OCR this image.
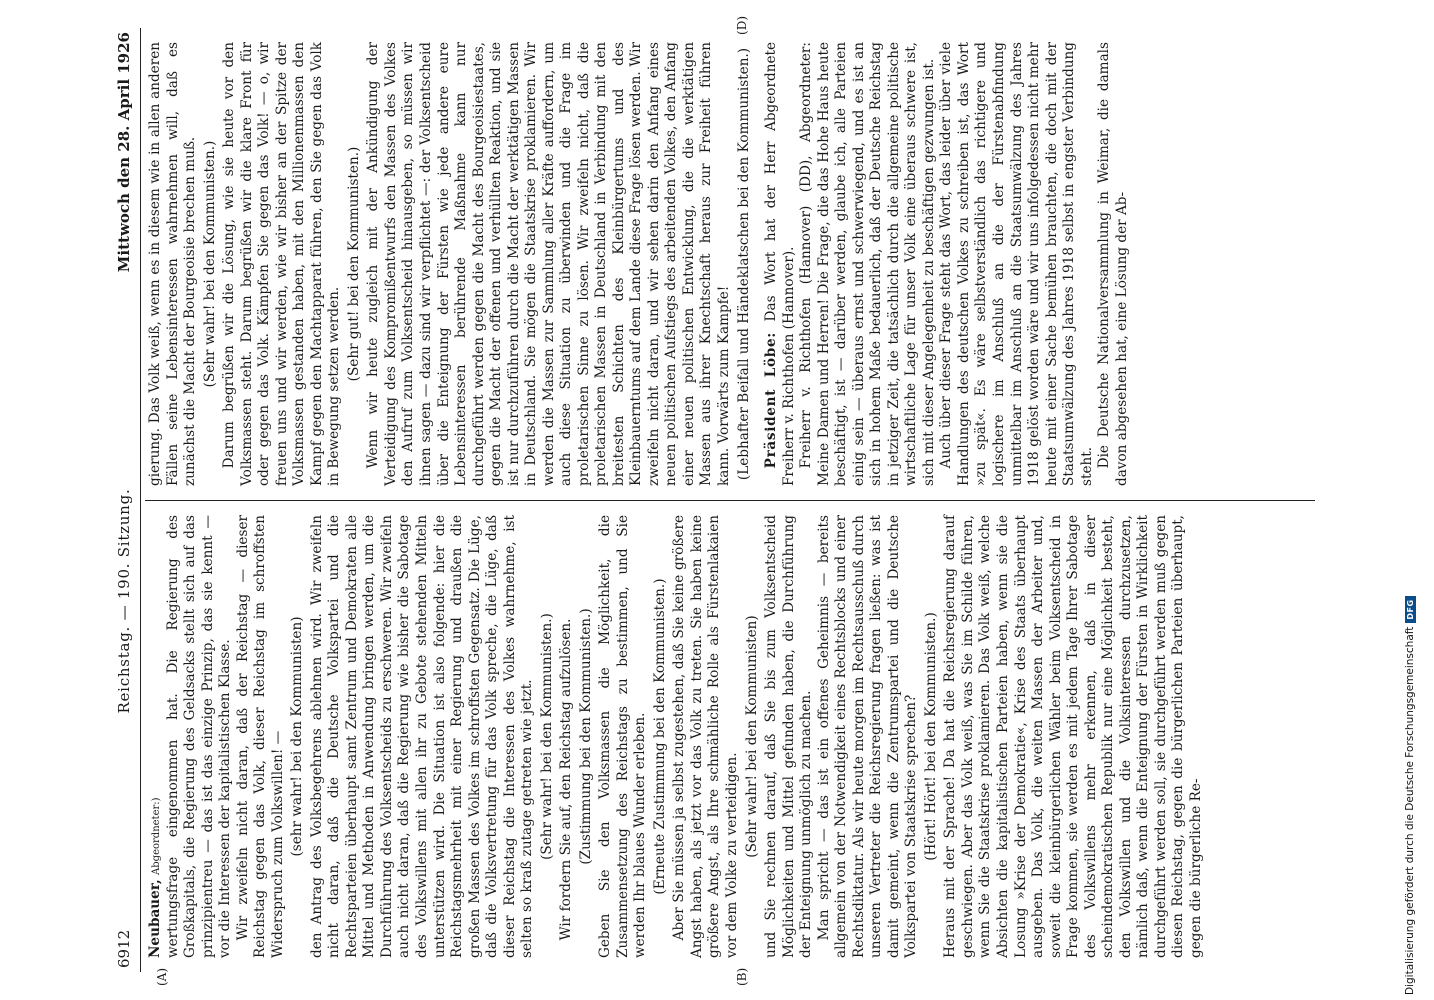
6912
Reichstag. — 190. Sitzung.
Mittwoch den 28. April 1926
(A)	(B)

Neubauer, Abgeordneter:) wertungsfrage eingenommen hat. Die Regierung des Großkapitals, die Regierung des Geldsacks stellt sich auf das prinzipientreu — das ist das einzige Prinzip, das sie kennt — vor die Interessen der kapitalistischen Klasse. Wir zweifeln nicht daran, daß der Reichstag — dieser Reichstag gegen das Volk, dieser Reichstag im schroffsten Widerspruch zum Volkswillen! — (sehr wahr! bei den Kommunisten) den Antrag des Volksbegehrens ablehnen wird. Wir zweifeln nicht daran, daß die Deutsche Volkspartei und die Rechtsparteien überhaupt samt Zentrum und Demokraten alle Mittel und Methoden in Anwendung bringen werden, um die Durchführung des Volksentscheids zu erschweren. Wir zweifeln auch nicht daran, daß die Regierung wie bisher die Sabotage des Volkswillens mit allen ihr zu Gebote stehenden Mitteln unterstützen wird. Die Situation ist also folgende: hier die Reichstagsmehrheit mit einer Regierung und draußen die großen Massen des Volkes im schroffsten Gegensatz. Die Lüge, daß die Volksvertretung für das Volk spreche, die Lüge, daß dieser Reichstag die Interessen des Volkes wahrnehme, ist selten so kraß zutage getreten wie jetzt. (Sehr wahr! bei den Kommunisten.) Wir fordern Sie auf, den Reichstag aufzulösen. (Zustimmung bei den Kommunisten.) Geben Sie den Volksmassen die Möglichkeit, die Zusammensetzung des Reichstags zu bestimmen, und Sie werden Ihr blaues Wunder erleben. (Erneute Zustimmung bei den Kommunisten.) Aber Sie müssen ja selbst zugestehen, daß Sie keine größere Angst haben, als jetzt vor das Volk zu treten. Sie haben keine größere Angst, als Ihre schmähliche Rolle als Fürstenlakaien vor dem Volke zu verteidigen. (Sehr wahr! bei den Kommunisten) und Sie rechnen darauf, daß Sie bis zum Volksentscheid Möglichkeiten und Mittel gefunden haben, die Durchführung der Enteignung unmöglich zu machen. Man spricht — das ist ein offenes Geheimnis — bereits allgemein von der Notwendigkeit eines Rechtsblocks und einer Rechtsdiktatur. Als wir heute morgen im Rechtsausschuß durch unseren Vertreter die Reichsregierung fragen ließen: was ist damit gemeint, wenn die Zentrumspartei und die Deutsche Volkspartei von Staatskrise sprechen? (Hört! Hört! bei den Kommunisten.) Heraus mit der Sprache! Da hat die Reichsregierung darauf geschwiegen. Aber das Volk weiß, was Sie im Schilde führen, wenn Sie die Staatskrise proklamieren. Das Volk weiß, welche Absichten die kapitalistischen Parteien haben, wenn sie die Losung »Krise der Demokratie«, Krise des Staats überhaupt ausgeben. Das Volk, die weiten Massen der Arbeiter und, soweit die kleinbürgerlichen Wähler beim Volksentscheid in Frage kommen, sie werden es mit jedem Tage Ihrer Sabotage des Volkswillens mehr erkennen, daß in dieser scheindemokratischen Republik nur eine Möglichkeit besteht, den Volkswillen und die Volksinteressen durchzusetzen, nämlich daß, wenn die Enteignung der Fürsten in Wirklichkeit durchgeführt werden soll, sie durchgeführt werden muß gegen diesen Reichstag, gegen die bürgerlichen Parteien überhaupt, gegen die bürgerliche Re-

gierung. Das Volk weiß, wenn es in diesem wie in allen anderen Fällen seine Lebensinteressen wahrnehmen will, daß es zunächst die Macht der Bourgeoisie brechen muß. (Sehr wahr! bei den Kommunisten.) Darum begrüßen wir die Lösung, wie sie heute vor den Volksmassen steht. Darum begrüßen wir die klare Front für oder gegen das Volk. Kämpfen Sie gegen das Volk! — o, wir freuen uns und wir werden, wie wir bisher an der Spitze der Volksmassen gestanden haben, mit den Millionenmassen den Kampf gegen den Machtapparat führen, den Sie gegen das Volk in Bewegung setzen werden.

(Sehr gut! bei den Kommunisten.) Wenn wir heute zugleich mit der Ankündigung der Verteidigung des Kompromißentwurfs den Massen des Volkes den Aufruf zum Volksentscheid hinausgeben, so müssen wir ihnen sagen — dazu sind wir verpflichtet —: der Volksentscheid über die Enteignung der Fürsten wie jede andere eure Lebensinteressen berührende Maßnahme kann nur durchgeführt werden gegen die Macht des Bourgeoisiestaates, gegen die Macht der offenen und verhüllten Reaktion, und sie ist nur durchzuführen durch die Macht der werktätigen Massen in Deutschland. Sie mögen die Staatskrise proklamieren. Wir werden die Massen zur Sammlung aller Kräfte auffordern, um auch diese Situation zu überwinden und die Frage im proletarischen Sinne zu lösen. Wir zweifeln nicht, daß die proletarischen Massen in Deutschland in Verbindung mit den breitesten Schichten des Kleinbürgertums und des Kleinbauerntums auf dem Lande diese Frage lösen werden. Wir zweifeln nicht daran, und wir sehen darin den Anfang eines neuen politischen Aufstiegs des arbeitenden Volkes, den Anfang einer neuen politischen Entwicklung, die die werktätigen Massen aus ihrer Knechtschaft heraus zur Freiheit führen kann. Vorwärts zum Kampfe! (Lebhafter Beifall und Händeklatschen bei den Kommunisten.) Präsident Löbe: Das Wort hat der Herr Abgeordnete Freiherr v. Richthofen (Hannover). Freiherr v. Richthofen (Hannover) (DD), Abgeordneter: Meine Damen und Herren! Die Frage, die das Hohe Haus heute beschäftigt, ist — darüber werden, glaube ich, alle Parteien einig sein — überaus ernst und schwerwiegend, und es ist an sich in hohem Maße bedauerlich, daß der Deutsche Reichstag in jetziger Zeit, die tatsächlich durch die allgemeine politische wirtschaftliche Lage für unser Volk eine überaus schwere ist, sich mit dieser Angelegenheit zu beschäftigen gezwungen ist. Auch über dieser Frage steht das Wort, das leider über viele Handlungen des deutschen Volkes zu schreiben ist, das Wort »zu spät«. Es wäre selbstverständlich das richtigere und logischere im Anschluß an die der Fürstenabfindung unmittelbar im Anschluß an die Staatsumwälzung des Jahres 1918 gelöst worden wäre und wir uns infolgedessen nicht mehr heute mit einer Sache bemühen brauchten, die doch mit der Staatsumwälzung des Jahres 1918 selbst in engster Verbindung steht. Die Deutsche Nationalversammlung in Weimar, die damals davon abgesehen hat, eine Lösung der Ab-

(D)
Digitalisierung gefördert durch die Deutsche Forschungsgemeinschaft
DFG
